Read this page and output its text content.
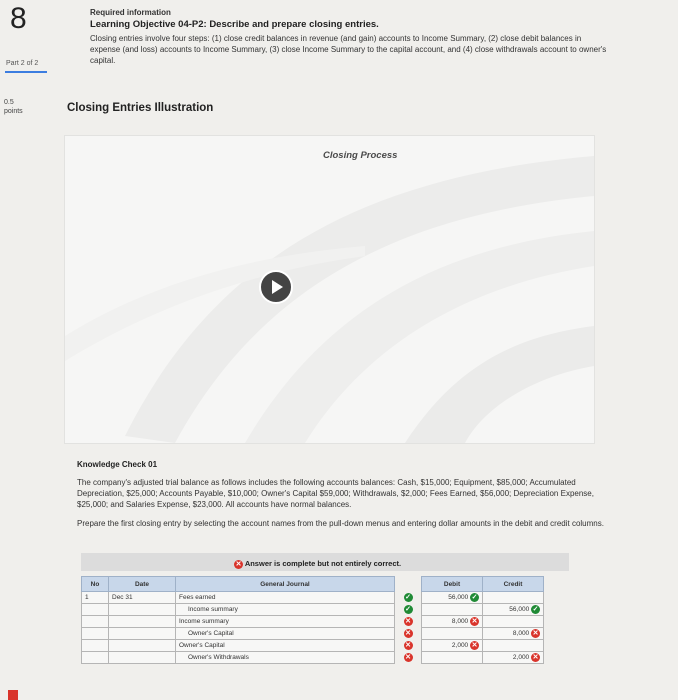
8
Part 2 of 2
0.5
points
Required information
Learning Objective 04-P2: Describe and prepare closing entries.
Closing entries involve four steps: (1) close credit balances in revenue (and gain) accounts to Income Summary, (2) close debit balances in expense (and loss) accounts to Income Summary, (3) close Income Summary to the capital account, and (4) close withdrawals account to owner's capital.
Closing Entries Illustration
Closing Process
Knowledge Check 01
The company's adjusted trial balance as follows includes the following accounts balances: Cash, $15,000; Equipment, $85,000; Accumulated Depreciation, $25,000; Accounts Payable, $10,000; Owner's Capital $59,000; Withdrawals, $2,000; Fees Earned, $56,000; Depreciation Expense, $25,000; and Salaries Expense, $23,000. All accounts have normal balances.
Prepare the first closing entry by selecting the account names from the pull-down menus and entering dollar amounts in the debit and credit columns.
✕ Answer is complete but not entirely correct.
No	Date	General Journal		Debit	Credit
1	Dec 31	Fees earned	✓	56,000 ✓	
		Income summary	✓		56,000 ✓
		Income summary	✕	8,000 ✕	
		Owner's Capital	✕		8,000 ✕
		Owner's Capital	✕	2,000 ✕	
		Owner's Withdrawals	✕		2,000 ✕
